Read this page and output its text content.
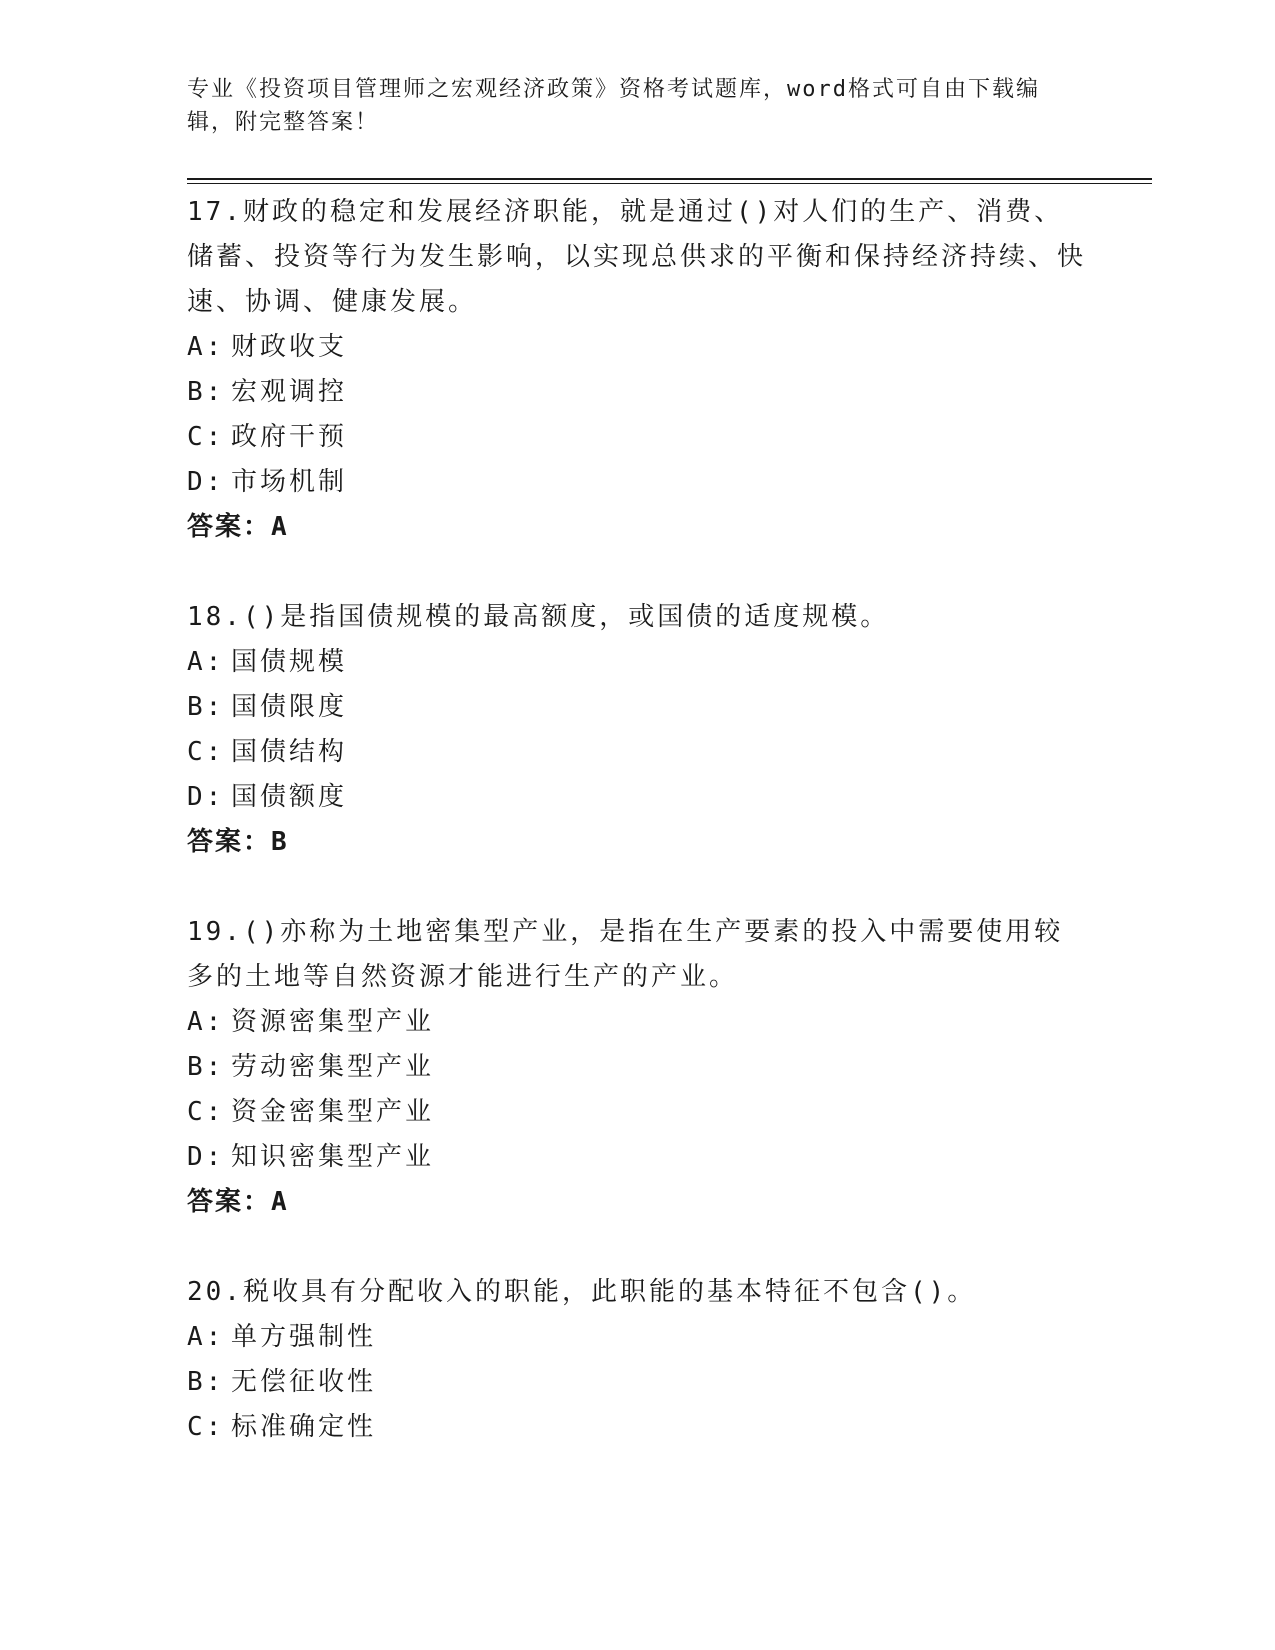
专业《投资项目管理师之宏观经济政策》资格考试题库，word格式可自由下载编辑，附完整答案！
17.财政的稳定和发展经济职能，就是通过()对人们的生产、消费、储蓄、投资等行为发生影响，以实现总供求的平衡和保持经济持续、快速、协调、健康发展。
A: 财政收支
B: 宏观调控
C: 政府干预
D: 市场机制
答案：A
18.()是指国债规模的最高额度，或国债的适度规模。
A: 国债规模
B: 国债限度
C: 国债结构
D: 国债额度
答案：B
19.()亦称为土地密集型产业，是指在生产要素的投入中需要使用较多的土地等自然资源才能进行生产的产业。
A: 资源密集型产业
B: 劳动密集型产业
C: 资金密集型产业
D: 知识密集型产业
答案：A
20.税收具有分配收入的职能，此职能的基本特征不包含()。
A: 单方强制性
B: 无偿征收性
C: 标准确定性
